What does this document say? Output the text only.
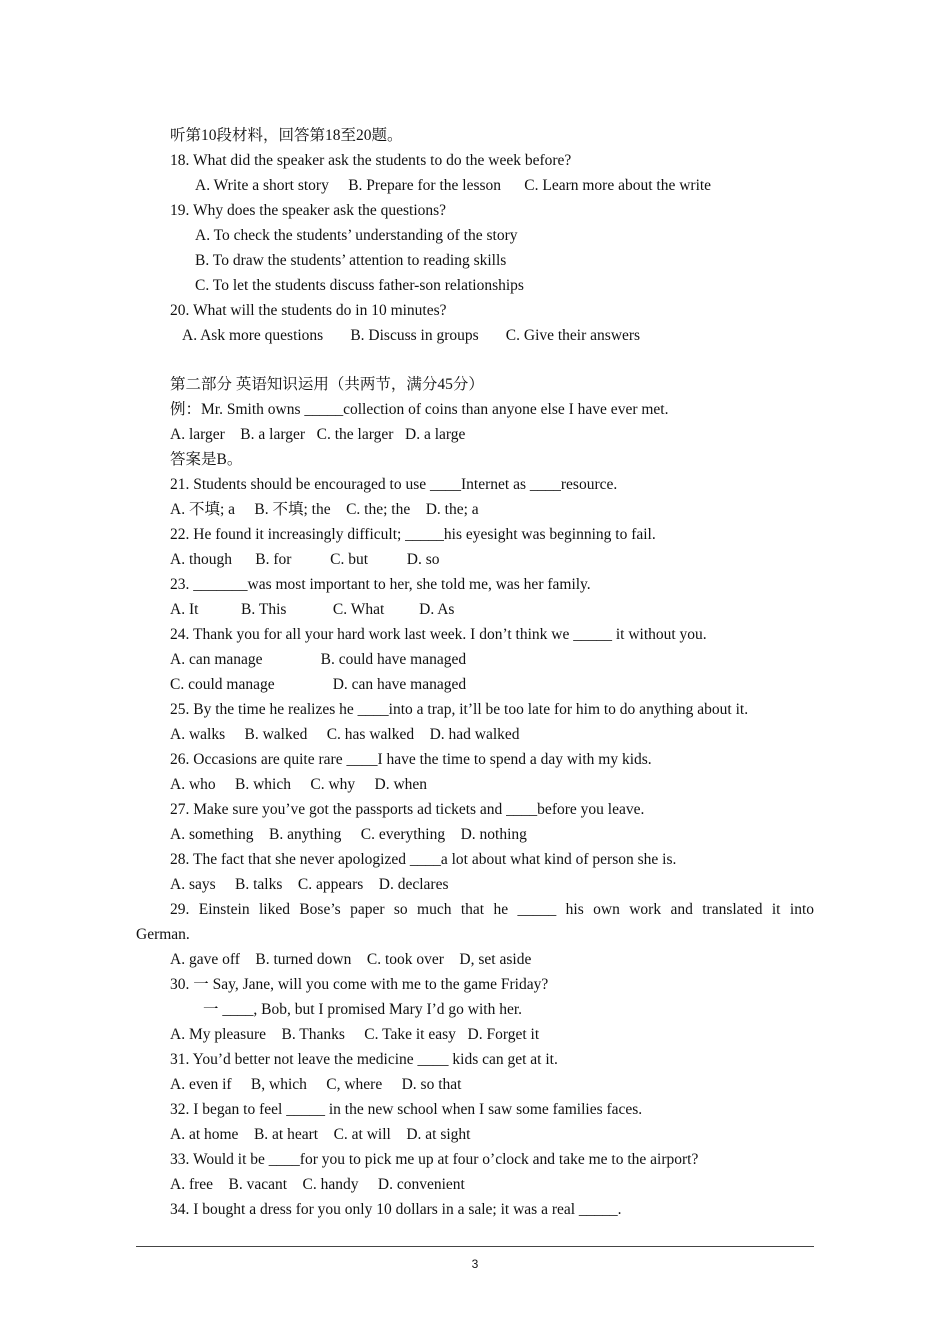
听第10段材料，回答第18至20题。
18. What did the speaker ask the students to do the week before?
A. Write a short story     B. Prepare for the lesson      C. Learn more about the write
19. Why does the speaker ask the questions?
A. To check the students’ understanding of the story
B. To draw the students’ attention to reading skills
C. To let the students discuss father-son relationships
20. What will the students do in 10 minutes?
A. Ask more questions       B. Discuss in groups       C. Give their answers
第二部分 英语知识运用（共两节，满分45分）
例：Mr. Smith owns _____collection of coins than anyone else I have ever met.
A. larger    B. a larger   C. the larger   D. a large
答案是B。
21. Students should be encouraged to use ____Internet as ____resource.
A. 不填; a     B. 不填; the    C. the; the    D. the; a
22. He found it increasingly difficult; _____his eyesight was beginning to fail.
A. though      B. for          C. but          D. so
23. _______was most important to her, she told me, was her family.
A. It           B. This            C. What         D. As
24. Thank you for all your hard work last week. I don’t think we _____ it without you.
A. can manage               B. could have managed
C. could manage               D. can have managed
25. By the time he realizes he ____into a trap, it’ll be too late for him to do anything about it.
A. walks     B. walked     C. has walked    D. had walked
26. Occasions are quite rare ____I have the time to spend a day with my kids.
A. who     B. which     C. why     D. when
27. Make sure you’ve got the passports ad tickets and ____before you leave.
A. something    B. anything     C. everything    D. nothing
28. The fact that she never apologized ____a lot about what kind of person she is.
A. says     B. talks    C. appears    D. declares
29. Einstein liked Bose’s paper so much that he _____ his own work and translated it into
German.
A. gave off    B. turned down    C. took over    D, set aside
30. 一 Say, Jane, will you come with me to the game Friday?
一 ____, Bob, but I promised Mary I’d go with her.
A. My pleasure    B. Thanks     C. Take it easy   D. Forget it
31. You’d better not leave the medicine ____ kids can get at it.
A. even if     B, which     C, where     D. so that
32. I began to feel _____ in the new school when I saw some families faces.
A. at home    B. at heart    C. at will    D. at sight
33. Would it be ____for you to pick me up at four o’clock and take me to the airport?
A. free    B. vacant    C. handy     D. convenient
34. I bought a dress for you only 10 dollars in a sale; it was a real _____.
3
